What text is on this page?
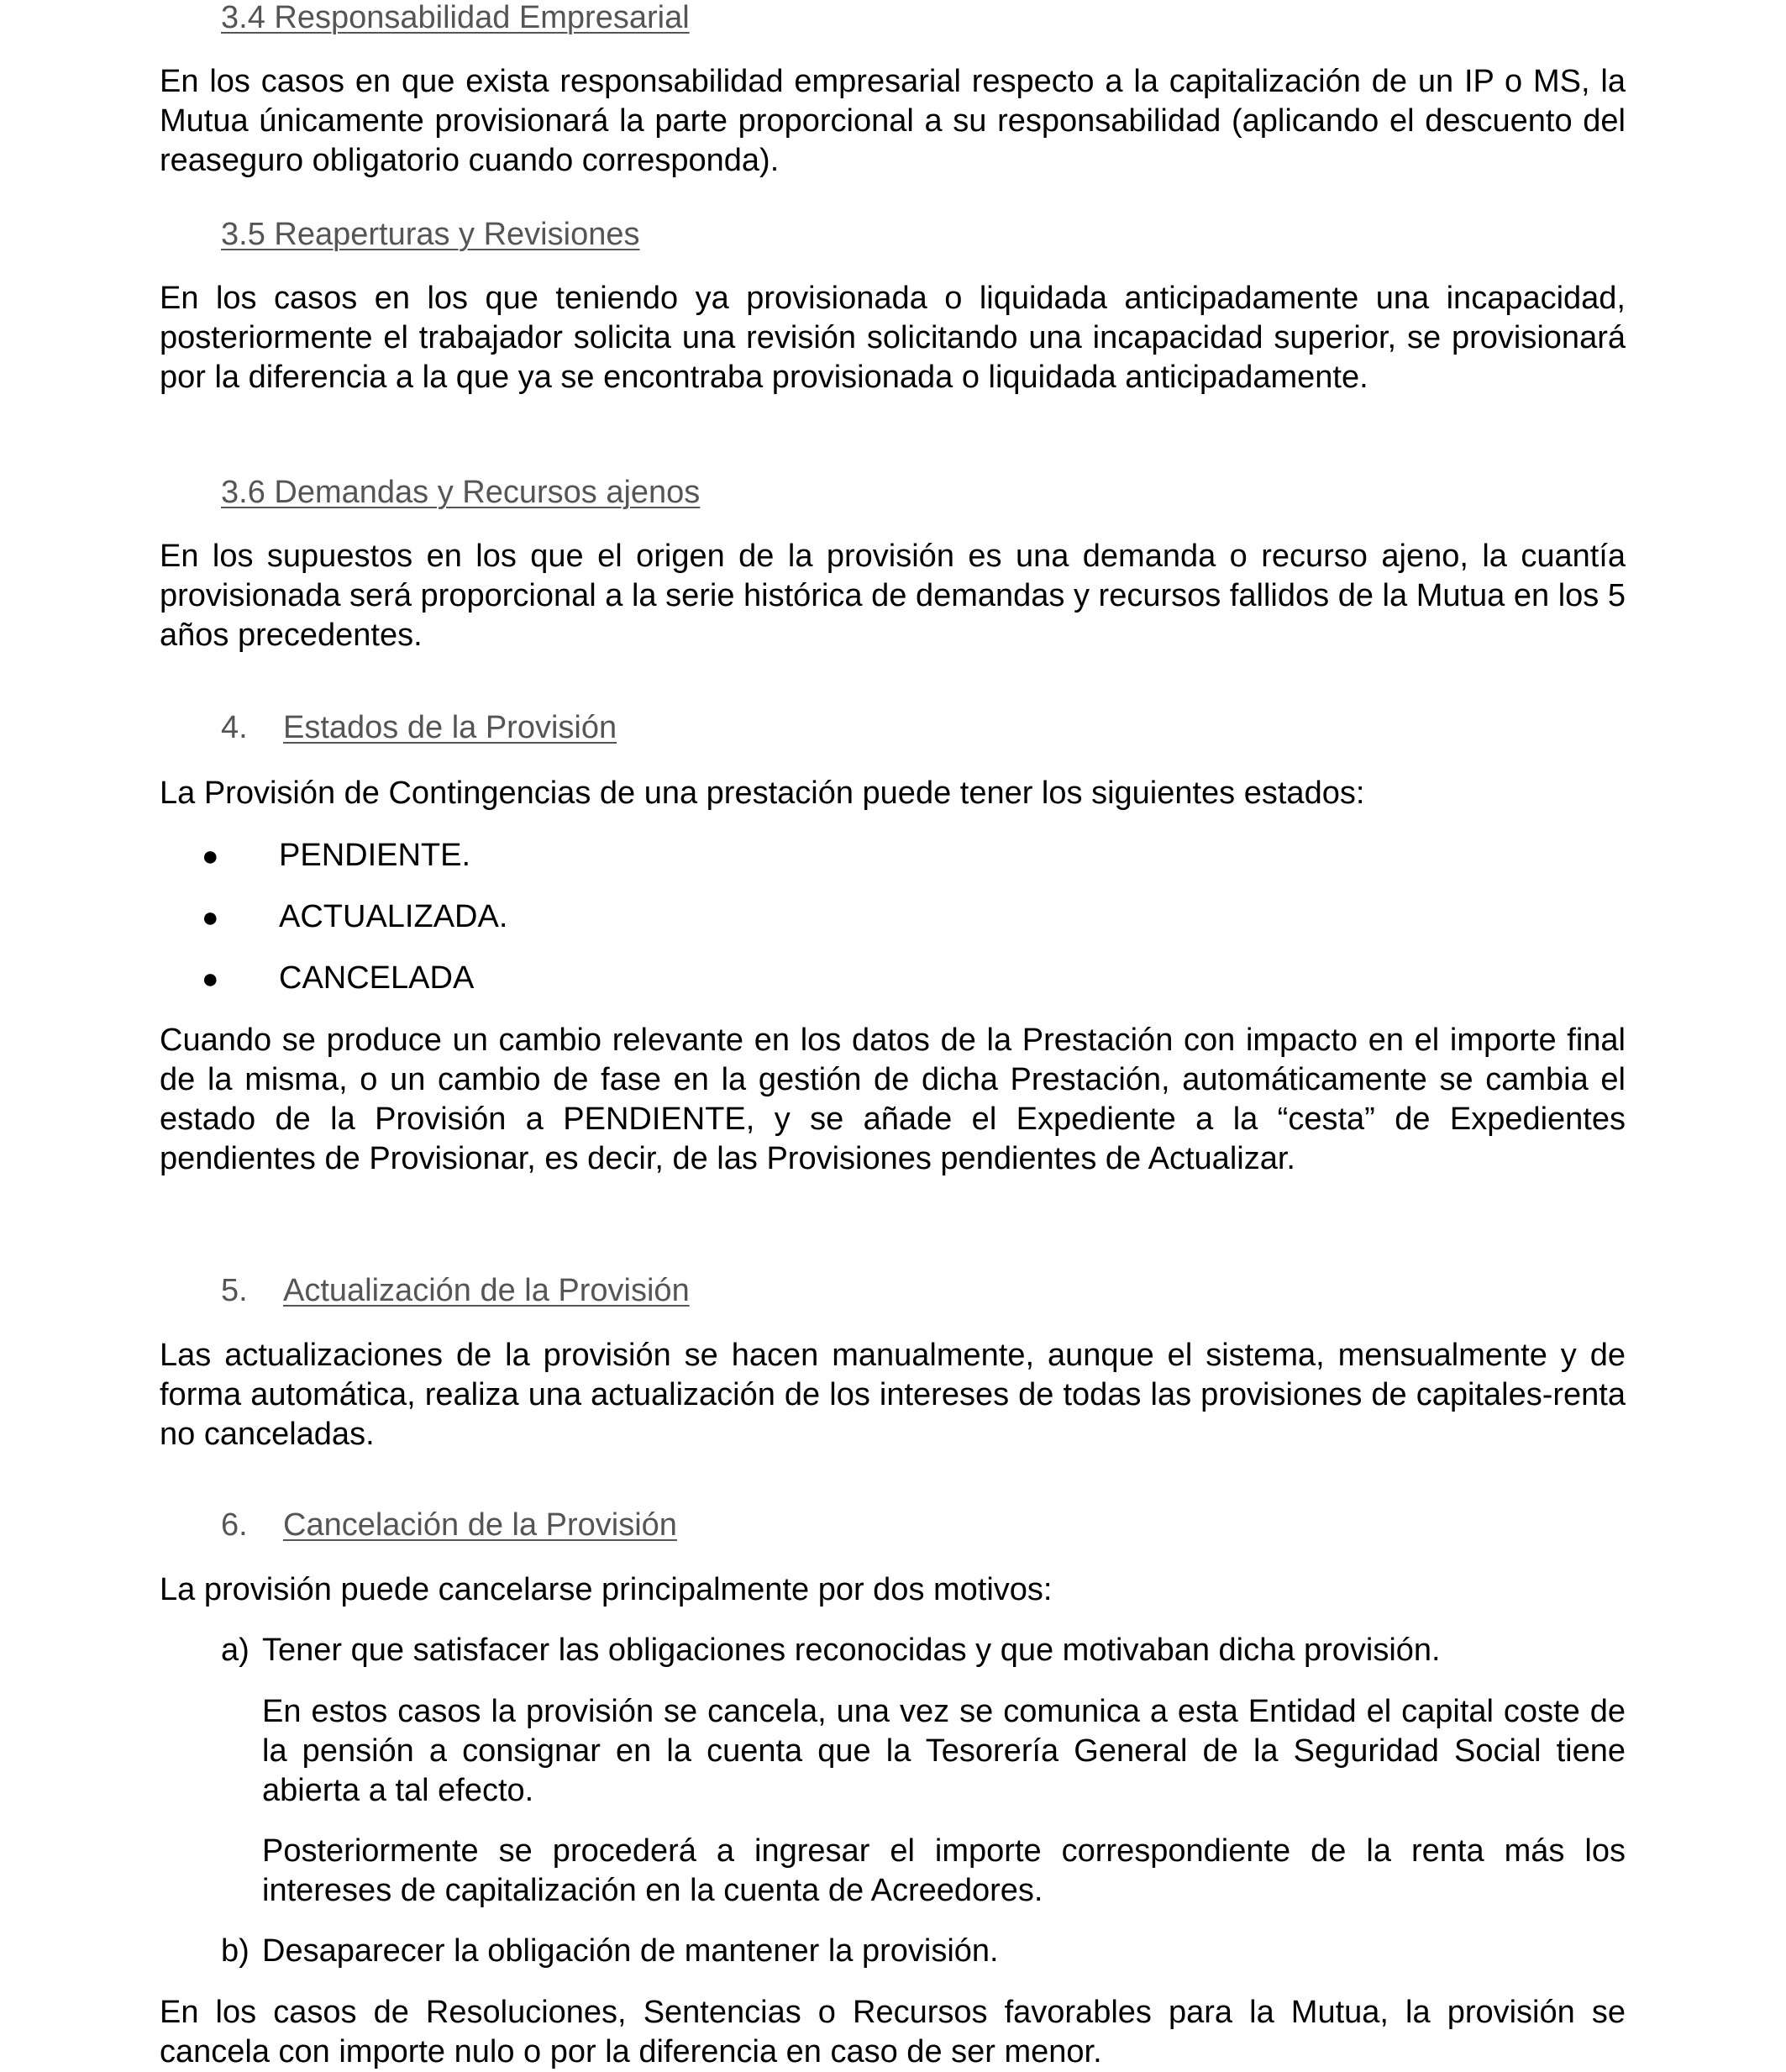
3.4 Responsabilidad Empresarial

En los casos en que exista responsabilidad empresarial respecto a la capitalización de un IP o MS, la Mutua únicamente provisionará la parte proporcional a su responsabilidad (aplicando el descuento del reaseguro obligatorio cuando corresponda).

3.5 Reaperturas y Revisiones

En los casos en los que teniendo ya provisionada o liquidada anticipadamente una incapacidad, posteriormente el trabajador solicita una revisión solicitando una incapacidad superior, se provisionará por la diferencia a la que ya se encontraba provisionada o liquidada anticipadamente.

3.6 Demandas y Recursos ajenos

En los supuestos en los que el origen de la provisión es una demanda o recurso ajeno, la cuantía provisionada será proporcional a la serie histórica de demandas y recursos fallidos de la Mutua en los 5 años precedentes.

4. Estados de la Provisión

La Provisión de Contingencias de una prestación puede tener los siguientes estados:

● PENDIENTE.

● ACTUALIZADA.

● CANCELADA

Cuando se produce un cambio relevante en los datos de la Prestación con impacto en el importe final de la misma, o un cambio de fase en la gestión de dicha Prestación, automáticamente se cambia el estado de la Provisión a PENDIENTE, y se añade el Expediente a la “cesta” de Expedientes pendientes de Provisionar, es decir, de las Provisiones pendientes de Actualizar.

5. Actualización de la Provisión

Las actualizaciones de la provisión se hacen manualmente, aunque el sistema, mensualmente y de forma automática, realiza una actualización de los intereses de todas las provisiones de capitales-renta no canceladas.

6. Cancelación de la Provisión

La provisión puede cancelarse principalmente por dos motivos:

a) Tener que satisfacer las obligaciones reconocidas y que motivaban dicha provisión.

En estos casos la provisión se cancela, una vez se comunica a esta Entidad el capital coste de la pensión a consignar en la cuenta que la Tesorería General de la Seguridad Social tiene abierta a tal efecto.

Posteriormente se procederá a ingresar el importe correspondiente de la renta más los intereses de capitalización en la cuenta de Acreedores.

b) Desaparecer la obligación de mantener la provisión.

En los casos de Resoluciones, Sentencias o Recursos favorables para la Mutua, la provisión se cancela con importe nulo o por la diferencia en caso de ser menor.
